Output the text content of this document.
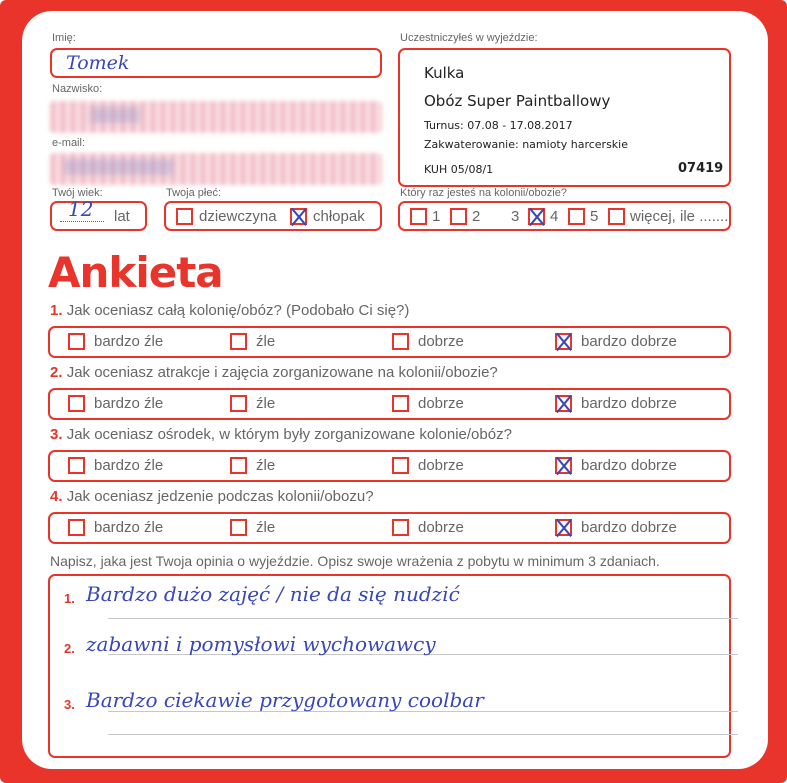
Imię:
Tomek
Nazwisko:
▒▒▒▒▒
e-mail:
▒▒▒▒▒▒▒▒▒▒▒
Twój wiek:
12 lat
Twoja płeć:
dziewczyna chłopak
Uczestniczyłeś w wyjeździe:
Kulka
Obóz Super Paintballowy
Turnus: 07.08 - 17.08.2017
Zakwaterowanie: namioty harcerskie
KUH 05/08/1	07419
Który raz jesteś na kolonii/obozie?
1 2 3 4 5 więcej, ile .......
Ankieta
1. Jak oceniasz całą kolonię/obóz? (Podobało Ci się?)
bardzo źle	źle	dobrze	bardzo dobrze
2. Jak oceniasz atrakcje i zajęcia zorganizowane na kolonii/obozie?
bardzo źle	źle	dobrze	bardzo dobrze
3. Jak oceniasz ośrodek, w którym były zorganizowane kolonie/obóz?
bardzo źle	źle	dobrze	bardzo dobrze
4. Jak oceniasz jedzenie podczas kolonii/obozu?
bardzo źle	źle	dobrze	bardzo dobrze
Napisz, jaka jest Twoja opinia o wyjeździe. Opisz swoje wrażenia z pobytu w minimum 3 zdaniach.
1. Bardzo dużo zajęć / nie da się nudzić
2. zabawni i pomysłowi wychowawcy
3. Bardzo ciekawie przygotowany coolbar
